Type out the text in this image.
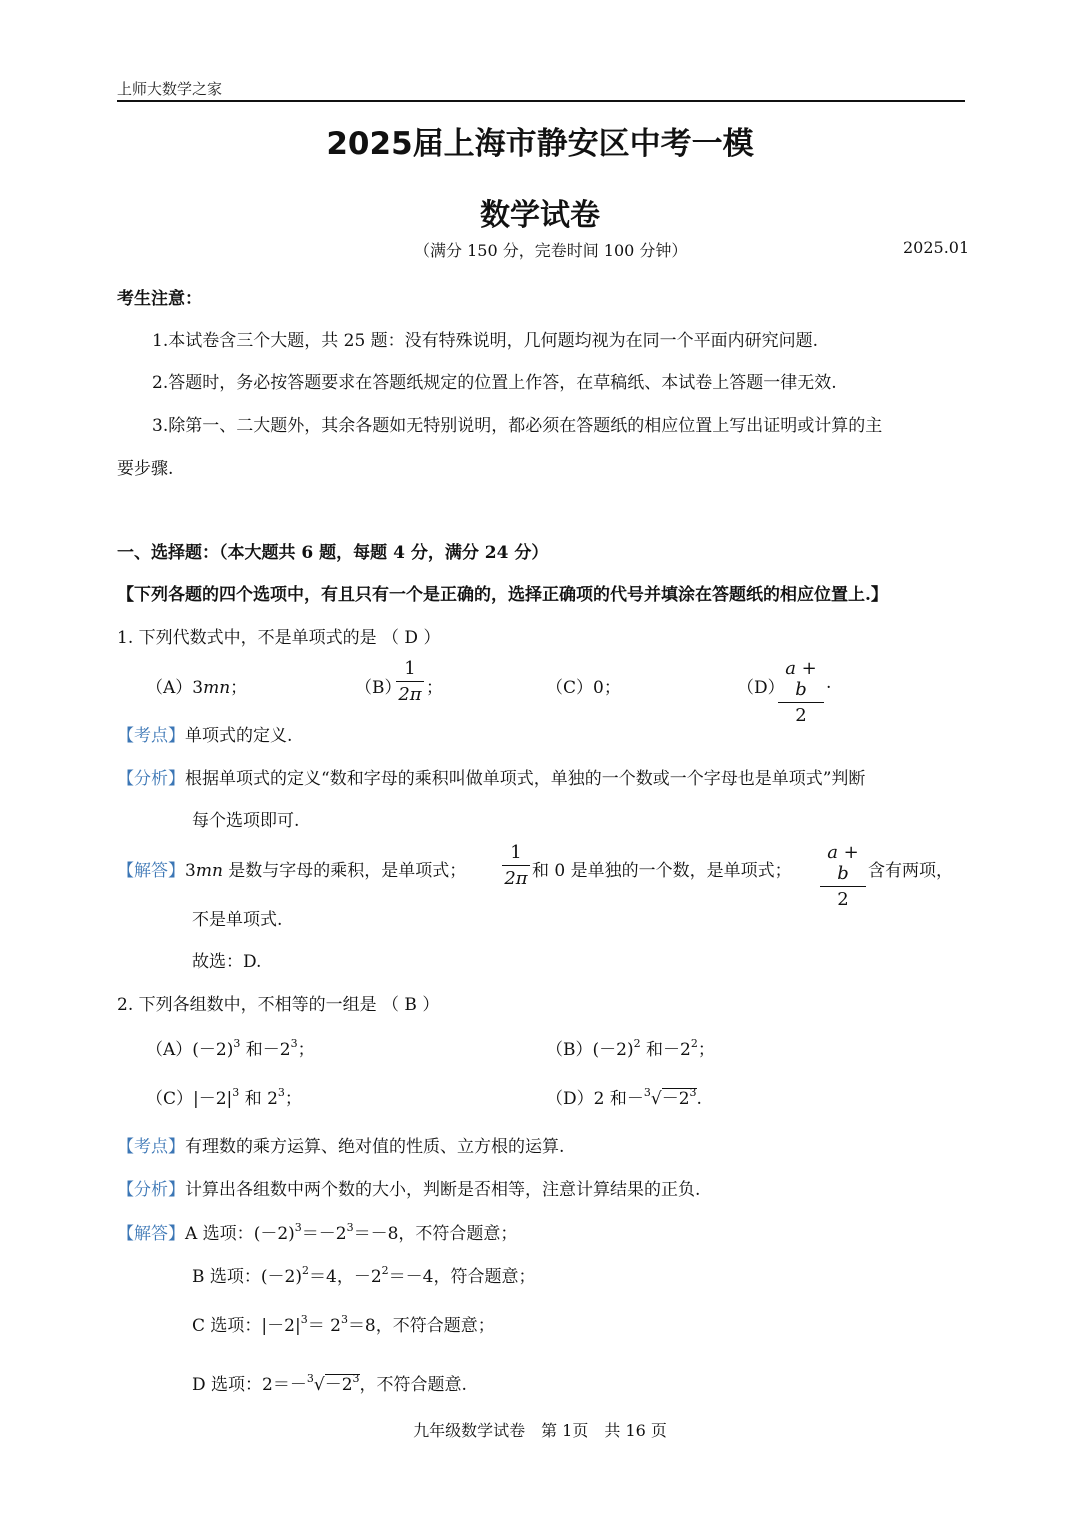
上师大数学之家
2025届上海市静安区中考一模
数学试卷
（满分 150 分，完卷时间 100 分钟）	2025.01
考生注意：
1.本试卷含三个大题，共 25 题：没有特殊说明，几何题均视为在同一个平面内研究问题.
2.答题时，务必按答题要求在答题纸规定的位置上作答，在草稿纸、本试卷上答题一律无效.
3.除第一、二大题外，其余各题如无特别说明，都必须在答题纸的相应位置上写出证明或计算的主
要步骤.
一、选择题：（本大题共 6 题，每题 4 分，满分 24 分）
【下列各题的四个选项中，有且只有一个是正确的，选择正确项的代号并填涂在答题纸的相应位置上.】
1. 下列代数式中，不是单项式的是 （ D ）
（A）3mn；	（B）
1
2π ；	（C）0；	（D）
a + b
2
.
【考点】单项式的定义.
【分析】根据单项式的定义“数和字母的乘积叫做单项式，单独的一个数或一个字母也是单项式”判断
每个选项即可.
【解答】3mn 是数与字母的乘积，是单项式；
1
2π 和 0 是单独的一个数，是单项式；
a + b
2
含有两项，
不是单项式.
故选：D.
2. 下列各组数中，不相等的一组是 （ B ）
$(A)(-2)^3$ 和$-2^3$；	$(B)(-2)^2$ 和$-2^2$；
$(C)|-2|^3$ 和 $2^3$；	（D）2 和$-^3√-2^3$.
【考点】有理数的乘方运算、绝对值的性质、立方根的运算.
【分析】计算出各组数中两个数的大小，判断是否相等，注意计算结果的正负.
【解答】A 选项：$(-2)^3=-2^3=-8$，不符合题意；
B 选项：$(-2)^2=4$，$-2^2=-4$，符合题意；
C 选项：$|-2|^3= 2^3=8$，不符合题意；
D 选项：$2=-^3√-2^3$，不符合题意.
九年级数学试卷　第 1页　共 16 页
